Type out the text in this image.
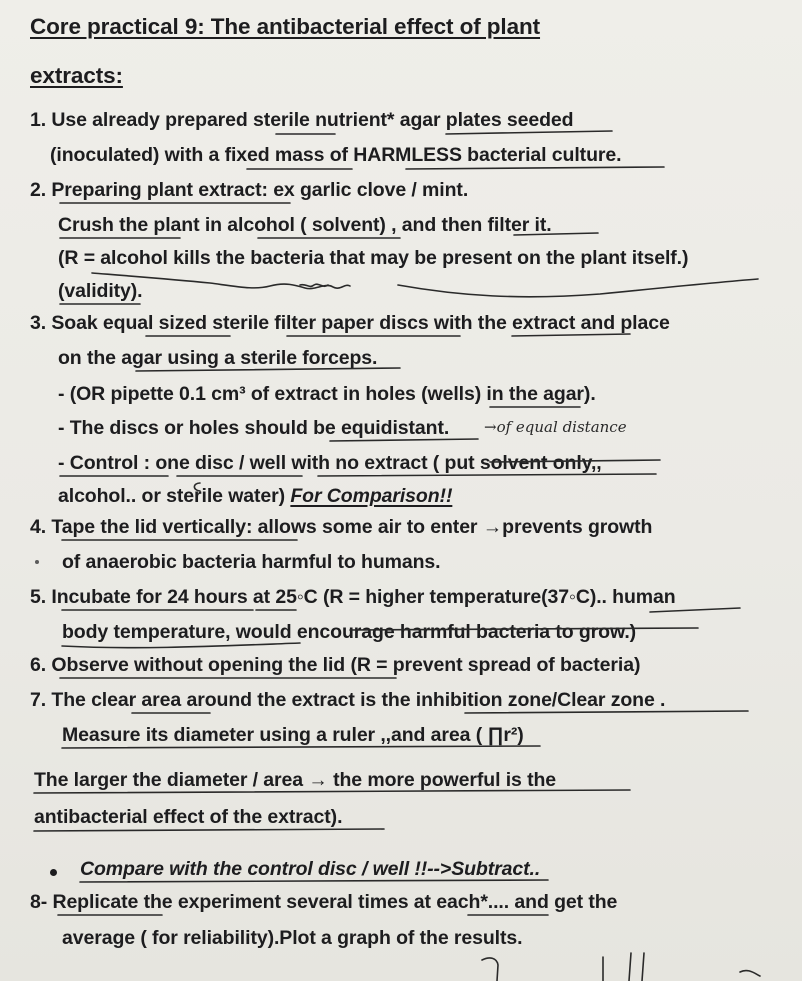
Core practical 9: The antibacterial effect of plant
extracts:
1. Use already prepared sterile nutrient* agar plates seeded
(inoculated) with a fixed mass of HARMLESS bacterial culture.
2. Preparing plant extract: ex garlic clove / mint.
Crush the plant in alcohol ( solvent) , and then filter it.
(R = alcohol kills the bacteria that may be present on the plant itself.)
(validity).
3. Soak equal sized sterile filter paper discs with the extract and place
on the agar using a sterile forceps.
- (OR pipette 0.1 cm³ of extract in holes (wells) in the agar).
- The discs or holes should be equidistant.
- Control : one disc / well with no extract ( put solvent only,,
alcohol.. or sterile water) For Comparison!!
4. Tape the lid vertically: allows some air to enter →prevents growth
of anaerobic bacteria harmful to humans.
5. Incubate for 24 hours at 25◦C (R = higher temperature(37◦C).. human
body temperature, would encourage harmful bacteria to grow.)
6. Observe without opening the lid (R = prevent spread of bacteria)
7. The clear area around the extract is the inhibition zone/Clear zone .
Measure its diameter using a ruler ,,and area ( ∏r²)
The larger the diameter / area → the more powerful is the
antibacterial effect of the extract).
Compare with the control disc / well !!-->Subtract..
8- Replicate the experiment several times at each*.... and get the
average ( for reliability).Plot a graph of the results.
→of equal distance
